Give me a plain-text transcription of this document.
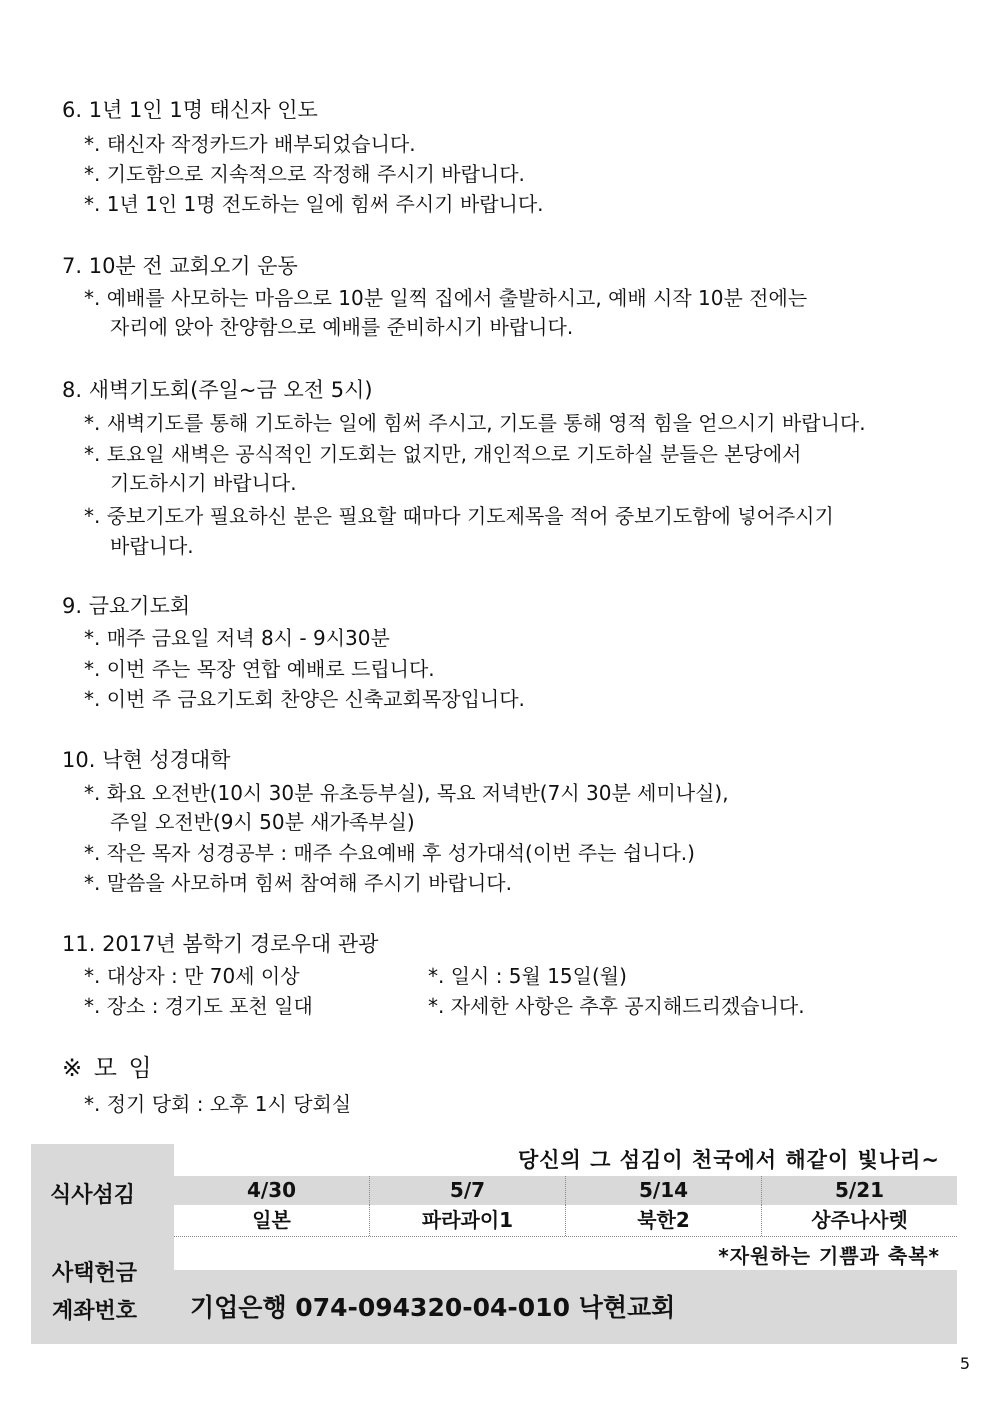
6. 1년 1인 1명 태신자 인도
*. 태신자 작정카드가 배부되었습니다.
*. 기도함으로 지속적으로 작정해 주시기 바랍니다.
*. 1년 1인 1명 전도하는 일에 힘써 주시기 바랍니다.
7. 10분 전 교회오기 운동
*. 예배를 사모하는 마음으로 10분 일찍 집에서 출발하시고, 예배 시작 10분 전에는
자리에 앉아 찬양함으로 예배를 준비하시기 바랍니다.
8. 새벽기도회(주일~금 오전 5시)
*. 새벽기도를 통해 기도하는 일에 힘써 주시고, 기도를 통해 영적 힘을 얻으시기 바랍니다.
*. 토요일 새벽은 공식적인 기도회는 없지만, 개인적으로 기도하실 분들은 본당에서
기도하시기 바랍니다.
*. 중보기도가 필요하신 분은 필요할 때마다 기도제목을 적어 중보기도함에 넣어주시기
바랍니다.
9. 금요기도회
*. 매주 금요일 저녁 8시 - 9시30분
*. 이번 주는 목장 연합 예배로 드립니다.
*. 이번 주 금요기도회 찬양은 신축교회목장입니다.
10. 낙현 성경대학
*. 화요 오전반(10시 30분 유초등부실), 목요 저녁반(7시 30분 세미나실),
주일 오전반(9시 50분 새가족부실)
*. 작은 목자 성경공부 : 매주 수요예배 후 성가대석(이번 주는 쉽니다.)
*. 말씀을 사모하며 힘써 참여해 주시기 바랍니다.
11. 2017년 봄학기 경로우대 관광
*. 대상자 : 만 70세 이상	*. 일시 : 5월 15일(월)
*. 장소 : 경기도 포천 일대	*. 자세한 사항은 추후 공지해드리겠습니다.
※ 모 임
*. 정기 당회 : 오후 1시 당회실
당신의 그 섬김이 천국에서 해같이 빛나리~
식사섬김	4/30	5/7	5/14	5/21
일본	파라과이1	북한2	상주나사렛
사택헌금
*자원하는 기쁨과 축복*
계좌번호 기업은행 074-094320-04-010 낙현교회
5
